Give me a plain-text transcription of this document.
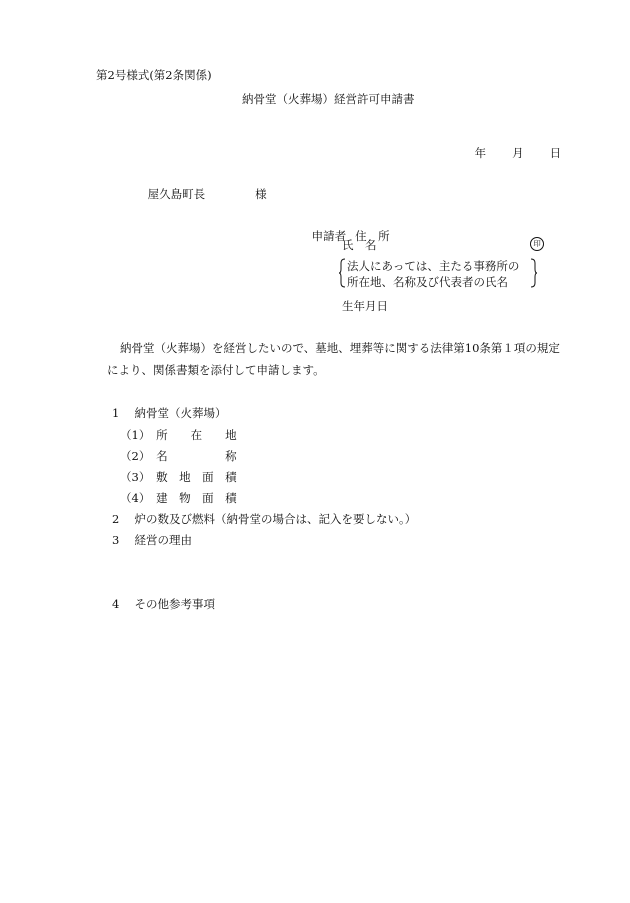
第2号様式(第2条関係)
納骨堂（火葬場）経営許可申請書

年 月 日

屋久島町長	様

申請者 住　所

氏　名	印
法人にあっては、主たる事務所の
所在地、名称及び代表者の氏名
生年月日
納骨堂（火葬場）を経営したいので、墓地、埋葬等に関する法律第10条第１項の規定
により、関係書類を添付して申請します。
1　 納骨堂（火葬場）
（1）　所　　在　　地
（2）　名　　　　　称
（3）　敷　地　面　積
（4）　建　物　面　積
2　 炉の数及び燃料（納骨堂の場合は、記入を要しない。）
3　 経営の理由
4　 その他参考事項
